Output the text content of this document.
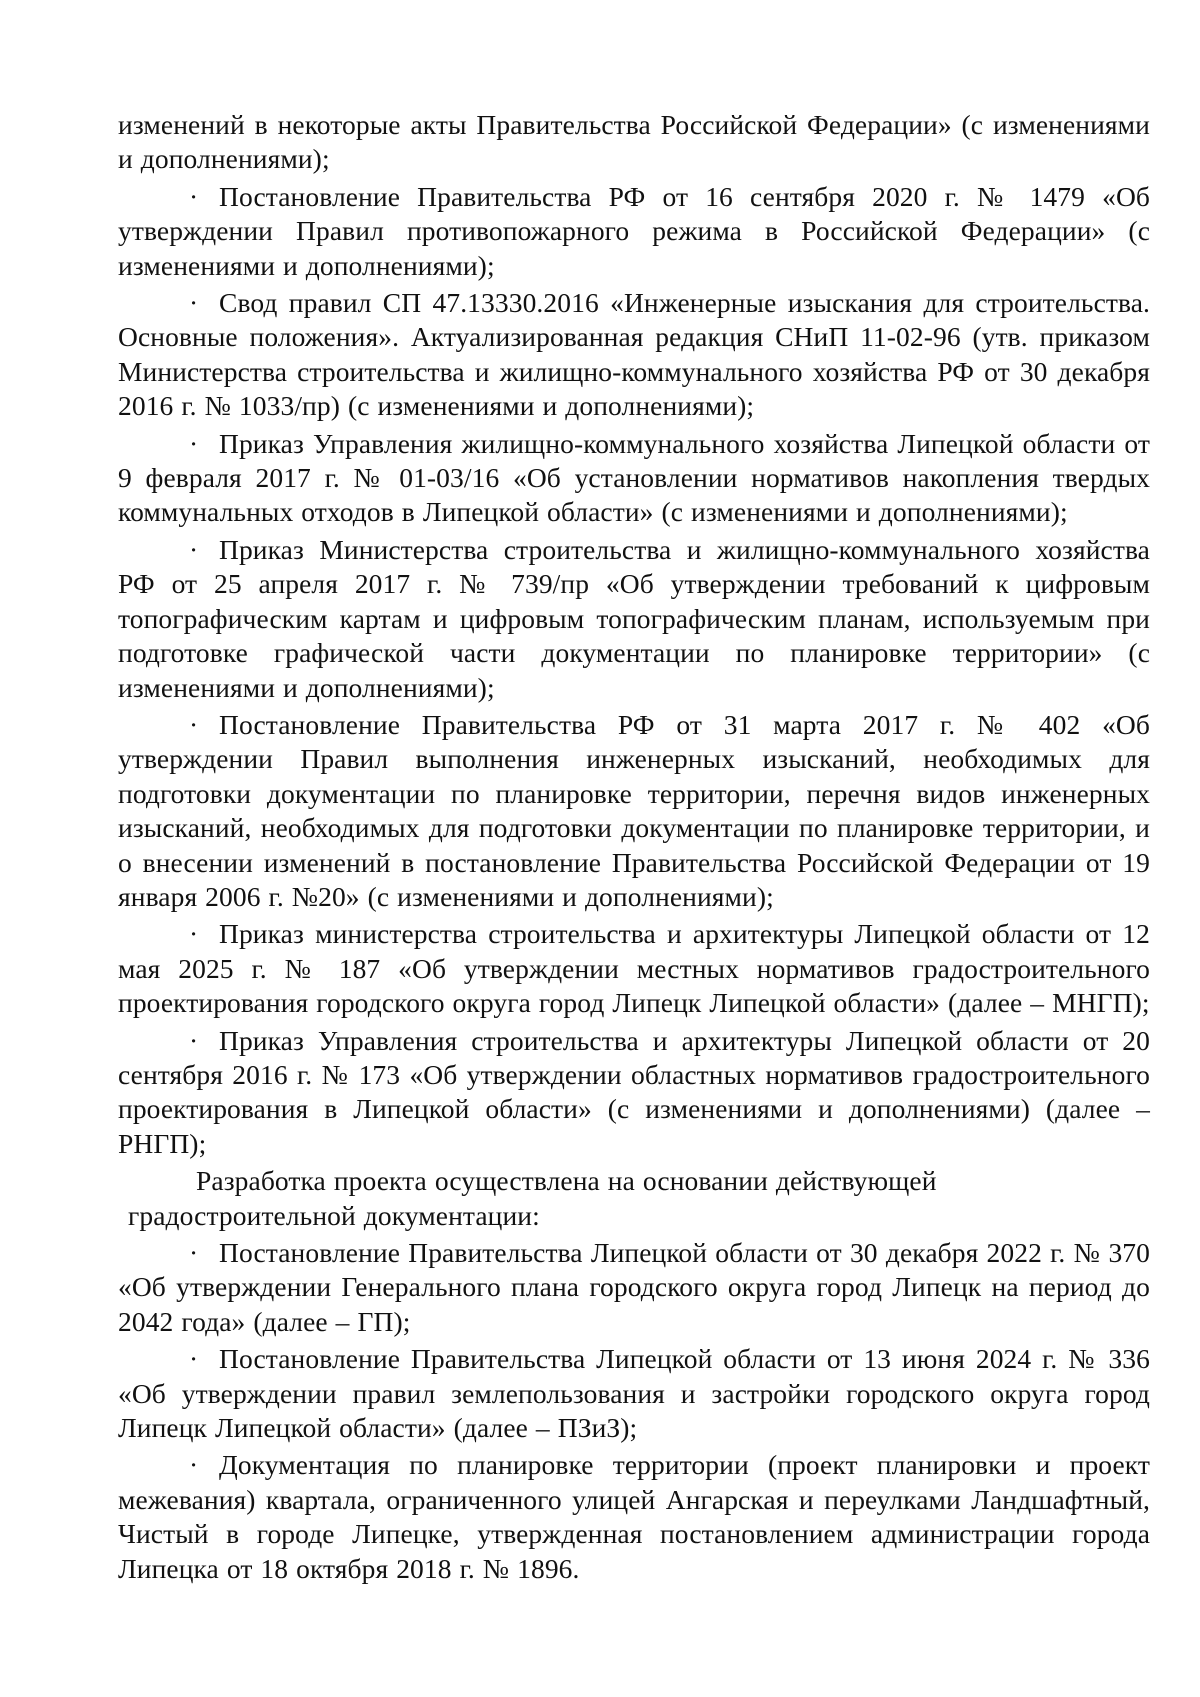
изменений в некоторые акты Правительства Российской Федерации» (с изменениями и дополнениями);

· Постановление Правительства РФ от 16 сентября 2020 г. № 1479 «Об утверждении Правил противопожарного режима в Российской Федерации» (с изменениями и дополнениями);

· Свод правил СП 47.13330.2016 «Инженерные изыскания для строительства. Основные положения». Актуализированная редакция СНиП 11-02-96 (утв. приказом Министерства строительства и жилищно-коммунального хозяйства РФ от 30 декабря 2016 г. № 1033/пр) (с изменениями и дополнениями);

· Приказ Управления жилищно-коммунального хозяйства Липецкой области от 9 февраля 2017 г. № 01-03/16 «Об установлении нормативов накопления твердых коммунальных отходов в Липецкой области» (с изменениями и дополнениями);

· Приказ Министерства строительства и жилищно-коммунального хозяйства РФ от 25 апреля 2017 г. № 739/пр «Об утверждении требований к цифровым топографическим картам и цифровым топографическим планам, используемым при подготовке графической части документации по планировке территории» (с изменениями и дополнениями);

· Постановление Правительства РФ от 31 марта 2017 г. № 402 «Об утверждении Правил выполнения инженерных изысканий, необходимых для подготовки документации по планировке территории, перечня видов инженерных изысканий, необходимых для подготовки документации по планировке территории, и о внесении изменений в постановление Правительства Российской Федерации от 19 января 2006 г. №20» (с изменениями и дополнениями);

· Приказ министерства строительства и архитектуры Липецкой области от 12 мая 2025 г. № 187 «Об утверждении местных нормативов градостроительного проектирования городского округа город Липецк Липецкой области» (далее – МНГП);

· Приказ Управления строительства и архитектуры Липецкой области от 20 сентября 2016 г. № 173 «Об утверждении областных нормативов градостроительного проектирования в Липецкой области» (с изменениями и дополнениями) (далее – РНГП);

Разработка проекта осуществлена на основании действующей
градостроительной документации:

· Постановление Правительства Липецкой области от 30 декабря 2022 г. № 370 «Об утверждении Генерального плана городского округа город Липецк на период до 2042 года» (далее – ГП);

· Постановление Правительства Липецкой области от 13 июня 2024 г. № 336 «Об утверждении правил землепользования и застройки городского округа город Липецк Липецкой области» (далее – ПЗиЗ);

· Документация по планировке территории (проект планировки и проект межевания) квартала, ограниченного улицей Ангарская и переулками Ландшафтный, Чистый в городе Липецке, утвержденная постановлением администрации города Липецка от 18 октября 2018 г. № 1896.
